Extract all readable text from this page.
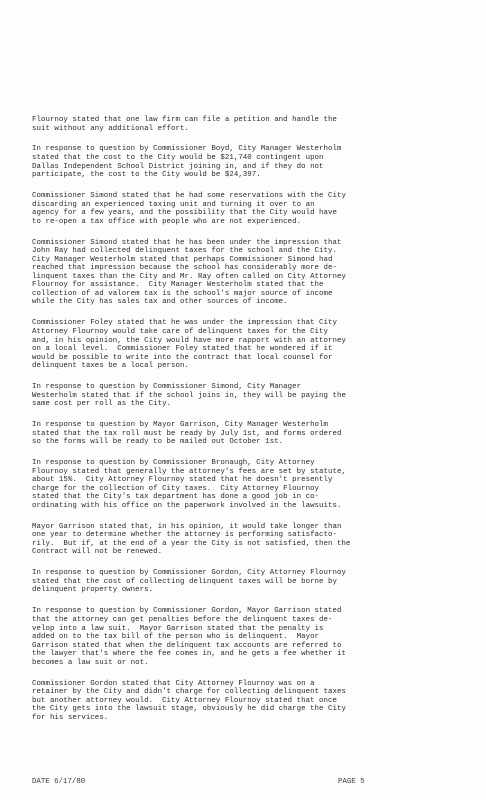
Flournoy stated that one law firm can file a petition and handle the
suit without any additional effort.
In response to question by Commissioner Boyd, City Manager Westerholm
stated that the cost to the City would be $21,740 contingent upon
Dallas Independent School District joining in, and if they do not
participate, the cost to the City would be $24,397.
Commissioner Simond stated that he had some reservations with the City
discarding an experienced taxing unit and turning it over to an
agency for a few years, and the possibility that the City would have
to re-open a tax office with people who are not experienced.
Commissioner Simond stated that he has been under the impression that
John Ray had collected delinquent taxes for the school and the City.
City Manager Westerholm stated that perhaps Commissioner Simond had
reached that impression because the school has considerably more de-
linquent taxes than the City and Mr. Ray often called on City Attorney
Flournoy for assistance.  City Manager Westerholm stated that the
collection of ad valorem tax is the school's major source of income
while the City has sales tax and other sources of income.
Commissioner Foley stated that he was under the impression that City
Attorney Flournoy would take care of delinquent taxes for the City
and, in his opinion, the City would have more rapport with an attorney
on a local level.  Commissioner Foley stated that he wondered if it
would be possible to write into the contract that local counsel for
delinquent taxes be a local person.
In response to question by Commissioner Simond, City Manager
Westerholm stated that if the school joins in, they will be paying the
same cost per roll as the City.
In response to question by Mayor Garrison, City Manager Westerholm
stated that the tax roll must be ready by July 1st, and forms ordered
so the forms will be ready to be mailed out October 1st.
In response to question by Commissioner Bronaugh, City Attorney
Flournoy stated that generally the attorney's fees are set by statute,
about 15%.  City Attorney Flournoy stated that he doesn't presently
charge for the collection of City taxes.  City Attorney Flournoy
stated that the City's tax department has done a good job in co-
ordinating with his office on the paperwork involved in the lawsuits.
Mayor Garrison stated that, in his opinion, it would take longer than
one year to determine whether the attorney is performing satisfacto-
rily.  But if, at the end of a year the City is not satisfied, then the
Contract will not be renewed.
In response to question by Commissioner Gordon, City Attorney Flournoy
stated that the cost of collecting delinquent taxes will be borne by
delinquent property owners.
In response to question by Commissioner Gordon, Mayor Garrison stated
that the attorney can get penalties before the delinquent taxes de-
velop into a law suit.  Mayor Garrison stated that the penalty is
added on to the tax bill of the person who is delinquent.  Mayor
Garrison stated that when the delinquent tax accounts are referred to
the lawyer that's where the fee comes in, and he gets a fee whether it
becomes a law suit or not.
Commissioner Gordon stated that City Attorney Flournoy was on a
retainer by the City and didn't charge for collecting delinquent taxes
but another attorney would.  City Attorney Flournoy stated that once
the City gets into the lawsuit stage, obviously he did charge the City
for his services.
DATE 6/17/80	PAGE 5
